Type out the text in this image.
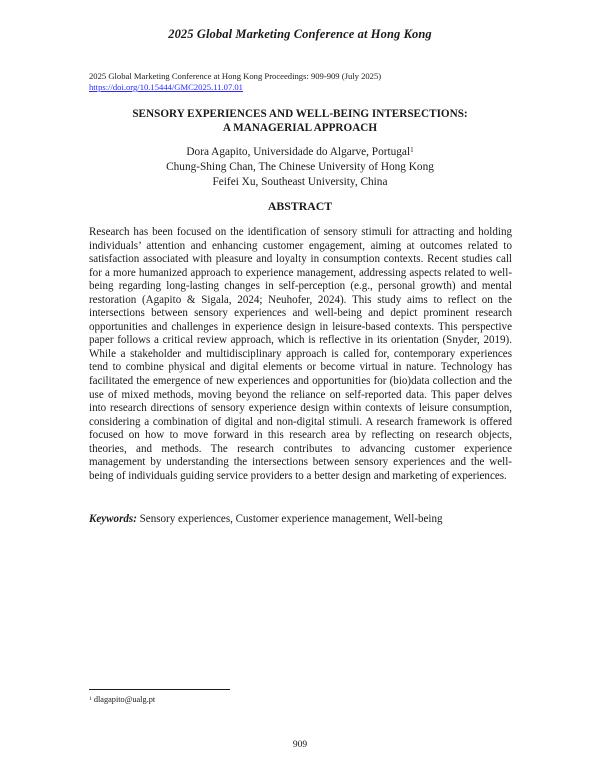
2025 Global Marketing Conference at Hong Kong
2025 Global Marketing Conference at Hong Kong Proceedings: 909-909 (July 2025)
https://doi.org/10.15444/GMC2025.11.07.01
SENSORY EXPERIENCES AND WELL-BEING INTERSECTIONS:
A MANAGERIAL APPROACH
Dora Agapito, Universidade do Algarve, Portugal$^1$
Chung-Shing Chan, The Chinese University of Hong Kong
Feifei Xu, Southeast University, China
ABSTRACT
Research has been focused on the identification of sensory stimuli for attracting and holding individuals’ attention and enhancing customer engagement, aiming at outcomes related to satisfaction associated with pleasure and loyalty in consumption contexts. Recent studies call for a more humanized approach to experience management, addressing aspects related to well-being regarding long-lasting changes in self-perception (e.g., personal growth) and mental restoration (Agapito & Sigala, 2024; Neuhofer, 2024). This study aims to reflect on the intersections between sensory experiences and well-being and depict prominent research opportunities and challenges in experience design in leisure-based contexts. This perspective paper follows a critical review approach, which is reflective in its orientation (Snyder, 2019). While a stakeholder and multidisciplinary approach is called for, contemporary experiences tend to combine physical and digital elements or become virtual in nature. Technology has facilitated the emergence of new experiences and opportunities for (bio)data collection and the use of mixed methods, moving beyond the reliance on self-reported data. This paper delves into research directions of sensory experience design within contexts of leisure consumption, considering a combination of digital and non-digital stimuli. A research framework is offered focused on how to move forward in this research area by reflecting on research objects, theories, and methods. The research contributes to advancing customer experience management by understanding the intersections between sensory experiences and the well-being of individuals guiding service providers to a better design and marketing of experiences.
Keywords: Sensory experiences, Customer experience management, Well-being
$^1$ dlagapito@ualg.pt
909
